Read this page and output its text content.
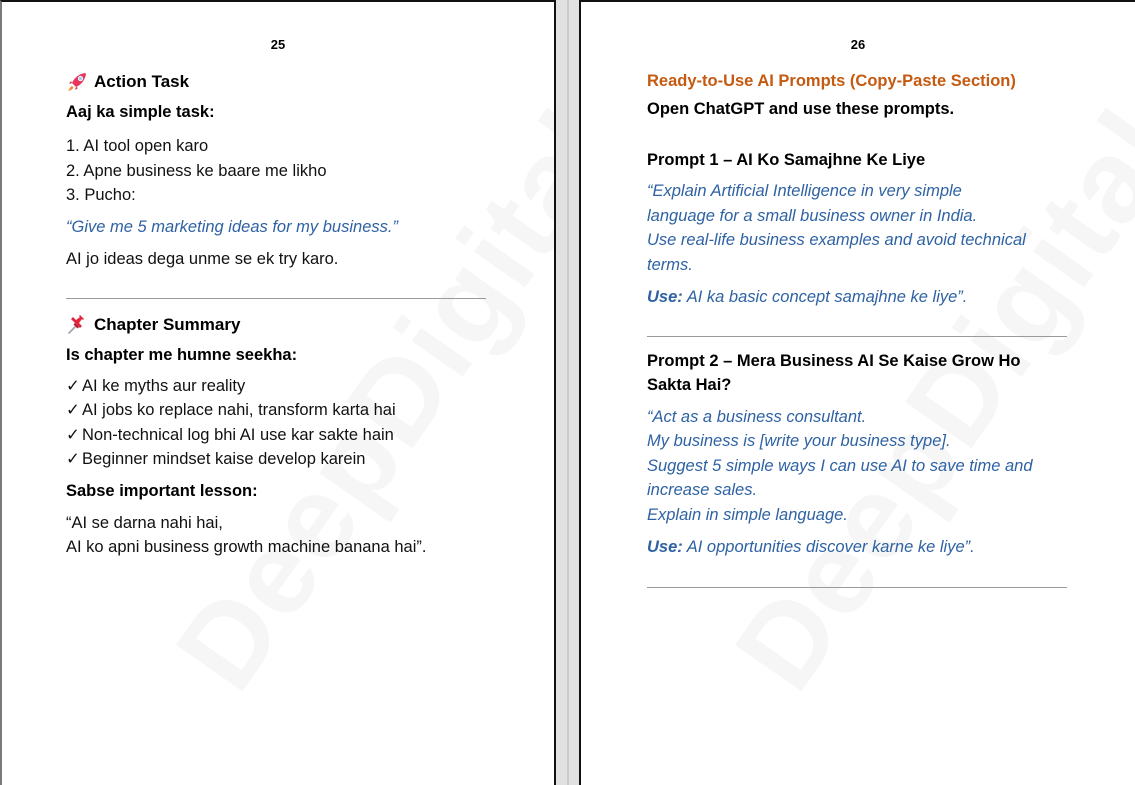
25
Action Task

Aaj ka simple task:

1. AI tool open karo

2. Apne business ke baare me likho

3. Pucho:

“Give me 5 marketing ideas for my business.”

AI jo ideas dega unme se ek try karo.

Chapter Summary

Is chapter me humne seekha:

✓ AI ke myths aur reality

✓ AI jobs ko replace nahi, transform karta hai

✓ Non-technical log bhi AI use kar sakte hain

✓ Beginner mindset kaise develop karein

Sabse important lesson:

“AI se darna nahi hai,

AI ko apni business growth machine banana hai”.

26

Ready-to-Use AI Prompts (Copy-Paste Section)

Open ChatGPT and use these prompts.

Prompt 1 – AI Ko Samajhne Ke Liye

“Explain Artificial Intelligence in very simple

language for a small business owner in India.

Use real-life business examples and avoid technical

terms.

Use: AI ka basic concept samajhne ke liye”.

Prompt 2 – Mera Business AI Se Kaise Grow Ho

Sakta Hai?

“Act as a business consultant.

My business is [write your business type].

Suggest 5 simple ways I can use AI to save time and

increase sales.

Explain in simple language.

Use: AI opportunities discover karne ke liye”.
